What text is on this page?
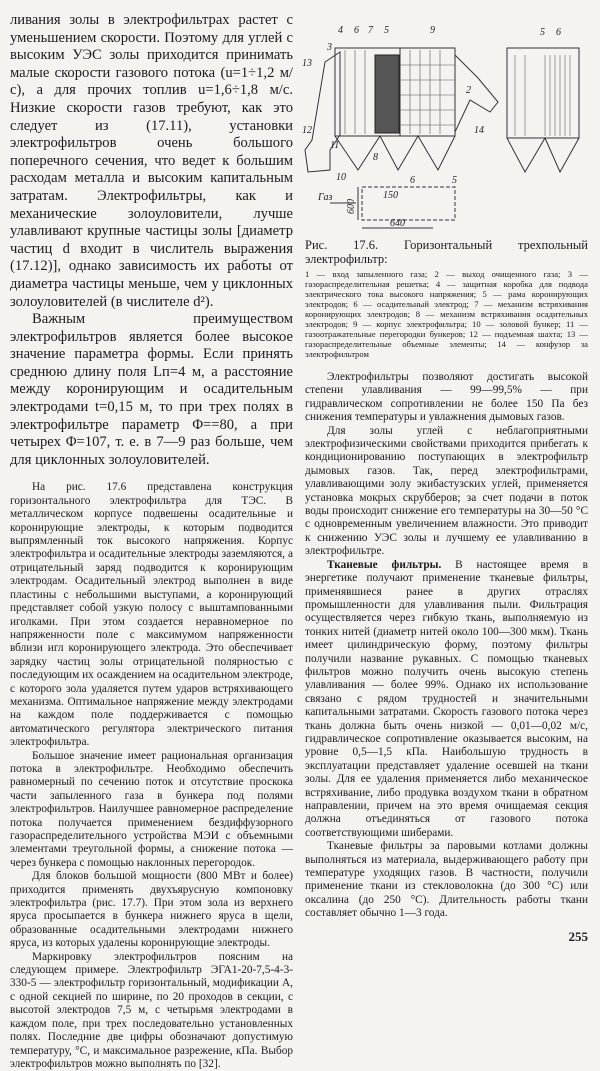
ливания золы в электрофильтрах растет с уменьшением скорости. Поэтому для углей с высоким УЭС золы приходится принимать малые скорости газового потока (u=1÷1,2 м/с), а для прочих топлив u=1,6÷1,8 м/с. Низкие скорости газов требуют, как это следует из (17.11), установки электрофильтров очень большого поперечного сечения, что ведет к большим расходам металла и высоким капитальным затратам. Электрофильтры, как и механические золоуловители, лучше улавливают крупные частицы золы [диаметр частиц d входит в числитель выражения (17.12)], однако зависимость их работы от диаметра частицы меньше, чем у циклонных золоуловителей (в числителе d²).

Важным преимуществом электрофильтров является более высокое значение параметра формы. Если принять среднюю длину поля Lп=4 м, а расстояние между коронирующим и осадительным электродами t=0,15 м, то при трех полях в электрофильтре параметр Φ==80, а при четырех Φ=107, т. е. в 7—9 раз больше, чем для циклонных золоуловителей.

На рис. 17.6 представлена конструкция горизонтального электрофильтра для ТЭС. В металлическом корпусе подвешены осадительные и коронирующие электроды, к которым подводится выпрямленный ток высокого напряжения. Корпус электрофильтра и осадительные электроды заземляются, а отрицательный заряд подводится к коронирующим электродам. Осадительный электрод выполнен в виде пластины с небольшими выступами, а коронирующий представляет собой узкую полосу с выштампованными иголками. При этом создается неравномерное по напряженности поле с максимумом напряженности вблизи игл коронирующего электрода. Это обеспечивает зарядку частиц золы отрицательной полярностью с последующим их осаждением на осадительном электроде, с которого зола удаляется путем ударов встряхивающего механизма. Оптимальное напряжение между электродами на каждом поле поддерживается с помощью автоматического регулятора электрического питания электрофильтра.

Большое значение имеет рациональная организация потока в электрофильтре. Необходимо обеспечить равномерный по сечению поток и отсутствие проскока части запыленного газа в бункера под полями электрофильтров. Наилучшее равномерное распределение потока получается применением бездиффузорного газораспределительного устройства МЭИ с объемными элементами треугольной формы, а снижение потока — через бункера с помощью наклонных перегородок.

Для блоков большой мощности (800 МВт и более) приходится применять двухъярусную компоновку электрофильтра (рис. 17.7). При этом зола из верхнего яруса просыпается в бункера нижнего яруса в щели, образованные осадительными электродами нижнего яруса, из которых удалены коронирующие электроды.

Маркировку электрофильтров поясним на следующем примере. Электрофильтр ЭГА1-20-7,5-4-3-330-5 — электрофильтр горизонтальный, модификации А, с одной секцией по ширине, по 20 проходов в секции, с высотой электродов 7,5 м, с четырьмя электродами в каждом поле, при трех последовательно установленных полях. Последние две цифры обозначают допустимую температуру, °С, и максимальное разрежение, кПа. Выбор электрофильтров можно выполнять по [32].

4 6 7 5	9
13
3
12
11
8
10
2
14
5 6
6	5
150
600
640
Газ

Рис. 17.6. Горизонтальный трехпольный электрофильтр:

1 — вход запыленного газа; 2 — выход очищенного газа; 3 — газораспределительная решетка; 4 — защитная коробка для подвода электрического тока высокого напряжения; 5 — рама коронирующих электродов; 6 — осадительный электрод; 7 — механизм встряхивания коронирующих электродов; 8 — механизм встряхивания осадительных электродов; 9 — корпус электрофильтра; 10 — золовой бункер; 11 — газоотражательные перегородки бункеров; 12 — подъемная шахта; 13 — газораспределительные объемные элементы; 14 — конфузор за электрофильтром

Электрофильтры позволяют достигать высокой степени улавливания — 99—99,5% — при гидравлическом сопротивлении не более 150 Па без снижения температуры и увлажнения дымовых газов.

Для золы углей с неблагоприятными электрофизическими свойствами приходится прибегать к кондиционированию поступающих в электрофильтр дымовых газов. Так, перед электрофильтрами, улавливающими золу экибастузских углей, применяется установка мокрых скрубберов; за счет подачи в поток воды происходит снижение его температуры на 30—50 °С с одновременным увеличением влажности. Это приводит к снижению УЭС золы и лучшему ее улавливанию в электрофильтре.

Тканевые фильтры. В настоящее время в энергетике получают применение тканевые фильтры, применявшиеся ранее в других отраслях промышленности для улавливания пыли. Фильтрация осуществляется через гибкую ткань, выполняемую из тонких нитей (диаметр нитей около 100—300 мкм). Ткань имеет цилиндрическую форму, поэтому фильтры получили название рукавных. С помощью тканевых фильтров можно получить очень высокую степень улавливания — более 99%. Однако их использование связано с рядом трудностей и значительными капитальными затратами. Скорость газового потока через ткань должна быть очень низкой — 0,01—0,02 м/с, гидравлическое сопротивление оказывается высоким, на уровне 0,5—1,5 кПа. Наибольшую трудность в эксплуатации представляет удаление осевшей на ткани золы. Для ее удаления применяется либо механическое встряхивание, либо продувка воздухом ткани в обратном направлении, причем на это время очищаемая секция должна отъединяться от газового потока соответствующими шиберами.

Тканевые фильтры за паровыми котлами должны выполняться из материала, выдерживающего работу при температуре уходящих газов. В частности, получили применение ткани из стекловолокна (до 300 °С) или оксалина (до 250 °С). Длительность работы ткани составляет обычно 1—3 года.

255
